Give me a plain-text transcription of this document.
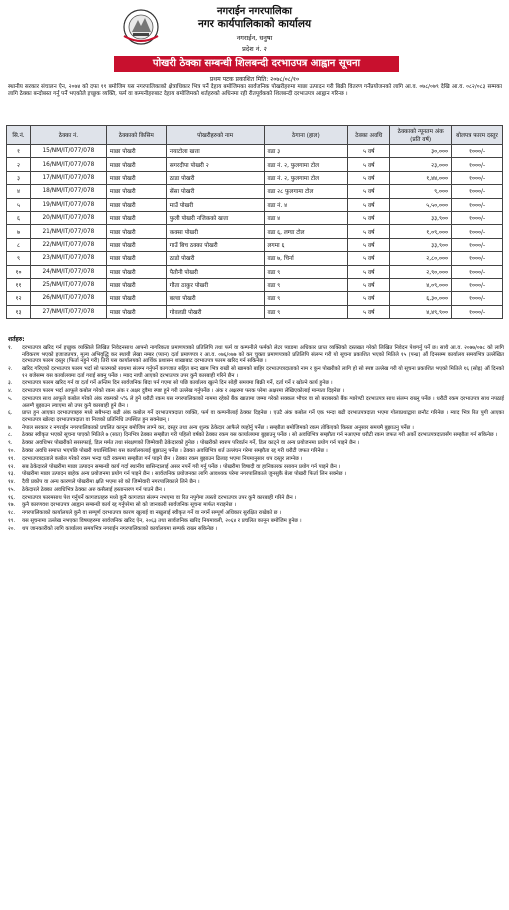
नगराईन नगरपालिका
नगर कार्यपालिकाको कार्यालय
नगराईन, धनुषा
प्रदेश नं. २
पोखरी ठेक्का सम्बन्धी शिलबन्दी दरभाउपत्र आह्वान सूचना
प्रथम पटक प्रकाशित मिति: २०७८/०८/१०
स्थानीय सरकार संचालन ऐन, २०७४ को दफा ११ बमोजिम यस नगरपालिकाको क्षेत्राधिकार भित्र पर्ने देहाय बमोजिमका सार्वजनिक पोखरीहरुमा माछा उत्पादन गरी बिक्री वितरण गर्नेप्रयोजनको लागि आ.व. ०७८/०७९ देखि आ.व. ०८२/०८३ सम्मका लागि ठेक्का बन्दोबस्त गर्नु पर्ने भएकोले इच्छुक व्यक्ति, फर्म वा कम्पनीहरुबाट देहाय बमोजिमको शर्तहरुको अधिनमा रही रीतपूर्वकको शिलबन्दी दरभाउपत्र आह्वान गरिन्छ ।
सि.नं.	ठेक्का नं.	ठेक्काको किसिम	पोखरीहरुको नाम	ठेगाना (हाल)	ठेक्का अवधि	ठेक्काको न्यूनतम अंक (प्रति वर्ष)	बोलपत्र फारम दस्तुर
१	15/NM/IT/077/078	माछा पोखरी	नयाटोला खत्ता	वडा ३	५ वर्ष	३०,०००	१०००/-
२	16/NM/IT/077/078	माछा पोखरी	सगरदीपा पोखरी २	वडा नं. २, फुलगामा टोल	५ वर्ष	२३,०००	१०००/-
३	17/NM/IT/077/078	माछा पोखरी	ठाडा पोखरी	वडा नं. २, फुलगामा टोल	५ वर्ष	१,४४,०००	१०००/-
४	18/NM/IT/077/078	माछा पोखरी	सेंसा पोखरी	वडा २८ फुलगामा टोल	५ वर्ष	९,०००	१०००/-
५	19/NM/IT/077/078	माछा पोखरी	माउँ पोखरी	वडा नं. ४	५ वर्ष	५,५०,०००	१०००/-
६	20/NM/IT/077/078	माछा पोखरी	फुली पोखरी नजिकको खत्ता	वडा ४	५ वर्ष	३३,९००	१०००/-
७	21/NM/IT/077/078	माछा पोखरी	कक्सा पोखरी	वडा ६, लग्घा टोल	५ वर्ष	१,०९,०००	१०००/-
८	22/NM/IT/077/078	माछा पोखरी	गाउँ बिच ठक्का पोखरी	लगमा ६	५ वर्ष	३३,९००	१०००/-
९	23/NM/IT/077/078	माछा पोखरी	ठाडो पोखरी	वडा ७, चिर्ना	५ वर्ष	२,८०,०००	१०००/-
१०	24/NM/IT/077/078	माछा पोखरी	पैतौनी पोखरी	वडा ९	५ वर्ष	२,९०,०००	१०००/-
११	25/NM/IT/077/078	माछा पोखरी	गौता ठाकुर पोखरी	वडा ९	५ वर्ष	४,०९,०००	१०००/-
१२	26/NM/IT/077/078	माछा पोखरी	बल्वा पोखरी	वडा ९	५ वर्ष	६,३०,०००	१०००/-
१३	27/NM/IT/077/078	माछा पोखरी	गोवलडी पोखरी	वडा ९	५ वर्ष	४,४९,९००	१०००/-
शर्तहरु:
१. दरभाउपत्र खरिद गर्न इच्छुक व्यक्तिले लिखित निवेदनसाथ आफ्नो नागरिकता प्रमाणपत्रको प्रतिलिपि तथा फर्म वा कम्पनीले फर्मको लेटर प्याडमा अधिकार प्राप्त व्यक्तिको दस्तखत गरेको लिखित निवेदन पेशगर्नु पर्ने छ। साथै आ.व. २०७७/०७८ को लागि नविकरण भएको इजाजतपत्र, मूल्य अभिवृद्धि कर स्थायी लेखा नम्बर (प्यान) दर्ता प्रमाणपत्र र आ.व. ०७६/०७७ को कर चुक्ता प्रमाणपत्रको प्रतिलिपि संलग्न गरी यो सूचना प्रकाशित भएको मितिले १५ (पन्ध्र) औं दिनसम्म कार्यालय समयभित्र उल्लेखित दरभाउपत्र फारम दस्तुर (फिर्ता नहुने गरी) तिरी यस कार्यालयको आर्थिक प्रशासन शाखाबाट दरभाउपत्र फारम खरिद गर्न सकिनेछ ।
२. खरिद गरिएको दरभाउपत्र फारम भर्दा सो फारमको साथमा संलग्न गर्नुपर्ने कागजात सहित बन्द खाम भित्र राखी सो खामको बाहिर दरभाउपत्रदाताको नाम र कुन पोखरीको लागि हो सो स्पष्ट उल्लेख गरी यो सूचना प्रकाशित भएको मितिले १६ (सोह्र) औं दिनको १२ बजेसम्म यस कार्यालयमा दर्ता गराई सक्नु पर्नेछ । म्याद नाघी आएको दरभाउपत्र उपर कुनै कारबाही गरिने छैन ।
३. दरभाउपत्र फारम खरिद गर्न वा दर्ता गर्ने अन्तिम दिन सार्वजनिक बिदा पर्न गएमा सो पछि कार्यालय खुल्ने दिन सोही समयमा बिक्री गर्ने, दर्ता गर्ने र खोल्ने कार्य हुनेछ ।
४. दरभाउपत्र फारम भर्दा आफूले कबोल गरेको रकम अंक र अक्षर दुवैमा स्पष्ट हुने गरी उल्लेख गर्नुपर्नेछ । अंक र अक्षरमा फरक परेमा अक्षरमा लेखिएकोलाई मान्यता दिइनेछ ।
५. दरभाउपत्र साथ आफूले कबोल गरेको अंक रकमको ५% ले हुने धरौटी रकम यस नगरपालिकाको नाममा रहेको बैंक खातामा जम्मा गरेको सक्कल भौचर वा सो बराबरको बैंक ग्यारेण्टी दरभाउपत्र साथ संलग्न राख्नु पर्नेछ । धरौटी रकम दरभाउपत्र साथ नपठाई अलग्गै बुझाउन ल्याएमा सो उपर कुनै कारबाही हुने छैन ।
६. प्राप्त हुन आएका दरभाउपत्रहरु मध्ये सबैभन्दा बढी अंक कबोल गर्ने दरभाउपत्रदाता व्यक्ति, फर्म वा कम्पनीलाई ठेक्का दिइनेछ । एउटै अंक कबोल गर्ने एक भन्दा बढी दरभाउपत्रदाता भएमा गोलाप्रथाद्वारा छनौट गरिनेछ । म्याद भित्र रित पुगी आएका दरभाउपत्र खोल्दा दरभाउपत्रदाता वा निजको प्रतिनिधि उपस्थित हुन सक्नेछन् ।
७. नेपाल सरकार र नगराईन नगरपालिकाको प्रचलित कानून बमोजिम लाग्ने कर, दस्तुर तथा अन्य शुल्क ठेकेदार आफैले व्यहोर्नु पर्नेछ । सम्झौता बमोजिमको रकम तोकिएको किस्ता अनुसार समयमै बुझाउनु पर्नेछ ।
८. ठेक्का स्वीकृत भएको सूचना पाएको मितिले ७ (सात) दिनभित्र ठेक्का सम्झौता गरी पहिलो वर्षको ठेक्का रकम यस कार्यालयमा बुझाउनु पर्नेछ । सो अवधिभित्र सम्झौता गर्न नआएमा धरौटी रकम जफत गरी अर्को दरभाउपत्रदातासँग सम्झौता गर्न सकिनेछ ।
९. ठेक्का अवधिभर पोखरीको सरसफाई, डिल मर्मत तथा संरक्षणको जिम्मेवारी ठेकेदारको हुनेछ । पोखरीको स्वरुप परिवर्तन गर्ने, डिल काट्ने वा अन्य प्रयोजनमा प्रयोग गर्न पाइने छैन ।
१०. ठेक्का अवधि समाप्त भएपछि पोखरी यथास्थितिमा यस कार्यालयलाई बुझाउनु पर्नेछ । ठेक्का अवधिभित्र शर्त उल्लंघन गरेमा सम्झौता रद्द गरी धरौटी जफत गरिनेछ ।
११. दरभाउपत्रदाताले कबोल गरेको रकम भन्दा घटी रकममा सम्झौता गर्न पाइने छैन । ठेक्का रकम बुझाउन ढिलाइ भएमा नियमानुसार थप दस्तुर लाग्नेछ ।
१२. सब ठेकेदारले पोखरीमा माछा उत्पादन सम्बन्धी कार्य गर्दा स्थानीय बासिन्दालाई असर नपर्ने गरी गर्नु पर्नेछ । पोखरीमा विषादी वा हानिकारक रसायन प्रयोग गर्न पाइने छैन ।
१३. पोखरीमा माछा उत्पादन बाहेक अन्य प्रयोजनमा प्रयोग गर्न पाइने छैन । सार्वजनिक प्रयोजनका लागि आवश्यक परेमा नगरपालिकाले जुनसुकै बेला पोखरी फिर्ता लिन सक्नेछ ।
१४. दैवी प्रकोप वा अन्य कारणले पोखरीमा क्षति भएमा सो को जिम्मेवारी नगरपालिकाले लिने छैन ।
१५. ठेकेदारले ठेक्का अवधिभित्र ठेक्का अरु कसैलाई हस्तान्तरण गर्न पाउने छैन ।
१६. दरभाउपत्र फारमसाथ पेश गर्नुपर्ने कागजातहरु मध्ये कुनै कागजात संलग्न नभएमा वा रित नपुगेमा त्यस्तो दरभाउपत्र उपर कुनै कारबाही गरिने छैन ।
१७. कुनै कारणवश दरभाउपत्र आह्वान सम्बन्धी कार्य रद्द गर्नुपरेमा सो को जानकारी सार्वजनिक सूचना मार्फत गराइनेछ ।
१८. नगरपालिकाको कार्यालयले कुनै वा सम्पूर्ण दरभाउपत्र कारण खुलाई वा नखुलाई स्वीकृत गर्ने वा नगर्ने सम्पूर्ण अधिकार सुरक्षित राखेको छ ।
१९. यस सूचनामा उल्लेख नभएका विषयहरुमा सार्वजनिक खरिद ऐन, २०६३ तथा सार्वजनिक खरिद नियमावली, २०६४ र प्रचलित कानून बमोजिम हुनेछ ।
२०. थप जानकारीको लागि कार्यालय समयभित्र नगराईन नगरपालिकाको कार्यालयमा सम्पर्क राख्न सकिनेछ ।
